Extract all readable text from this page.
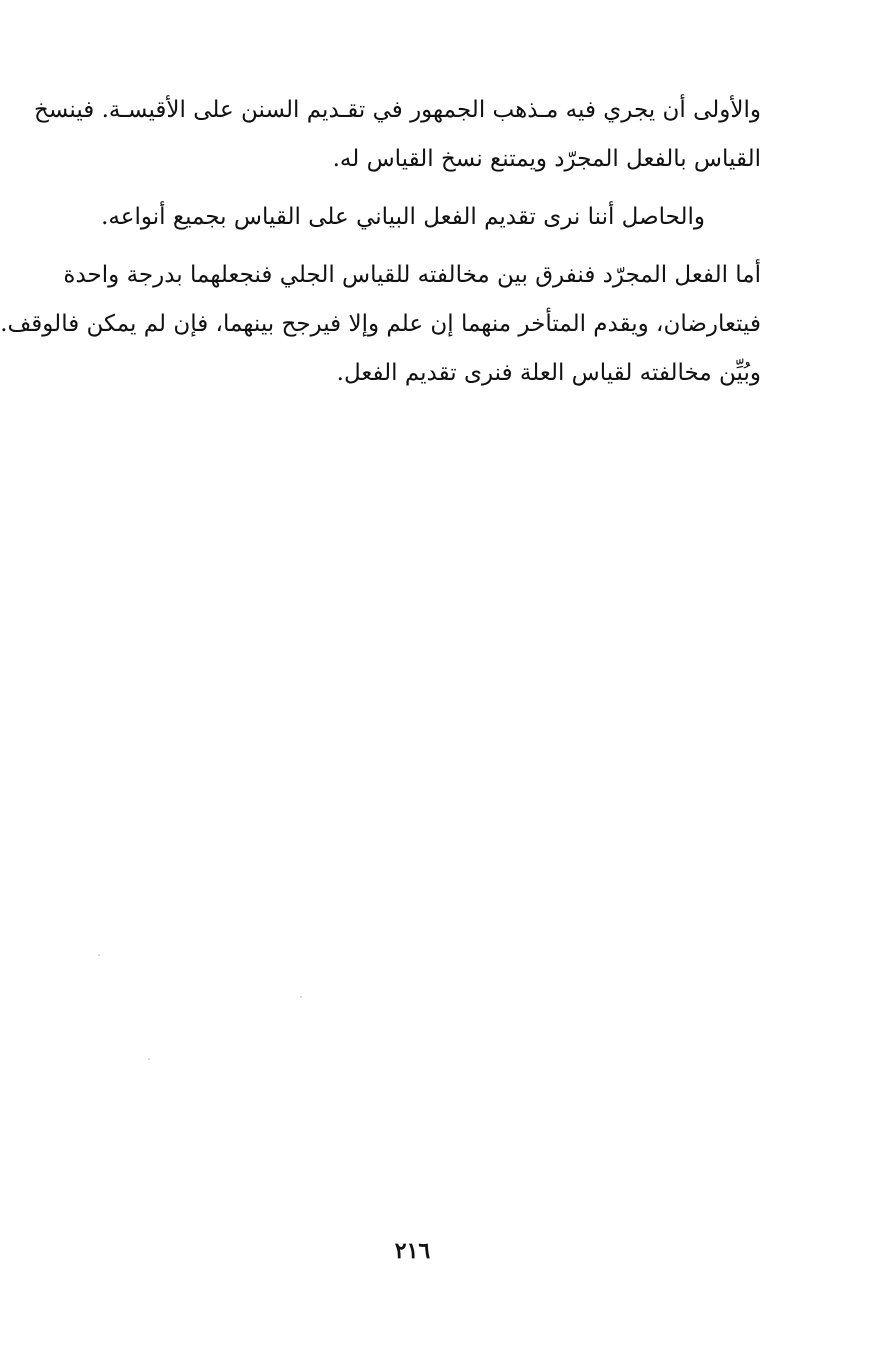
والأولى أن يجري فيه مـذهب الجمهور في تقـديم السنن على الأقيسـة. فينسخ
القياس بالفعل المجرّد ويمتنع نسخ القياس له.

والحاصل أننا نرى تقديم الفعل البياني على القياس بجميع أنواعه.

أما الفعل المجرّد فنفرق بين مخالفته للقياس الجلي فنجعلهما بدرجة واحدة
فيتعارضان، ويقدم المتأخر منهما إن علم وإلا فيرجح بينهما، فإن لم يمكن فالوقف.
وبُيِّن مخالفته لقياس العلة فنرى تقديم الفعل.

٢١٦
